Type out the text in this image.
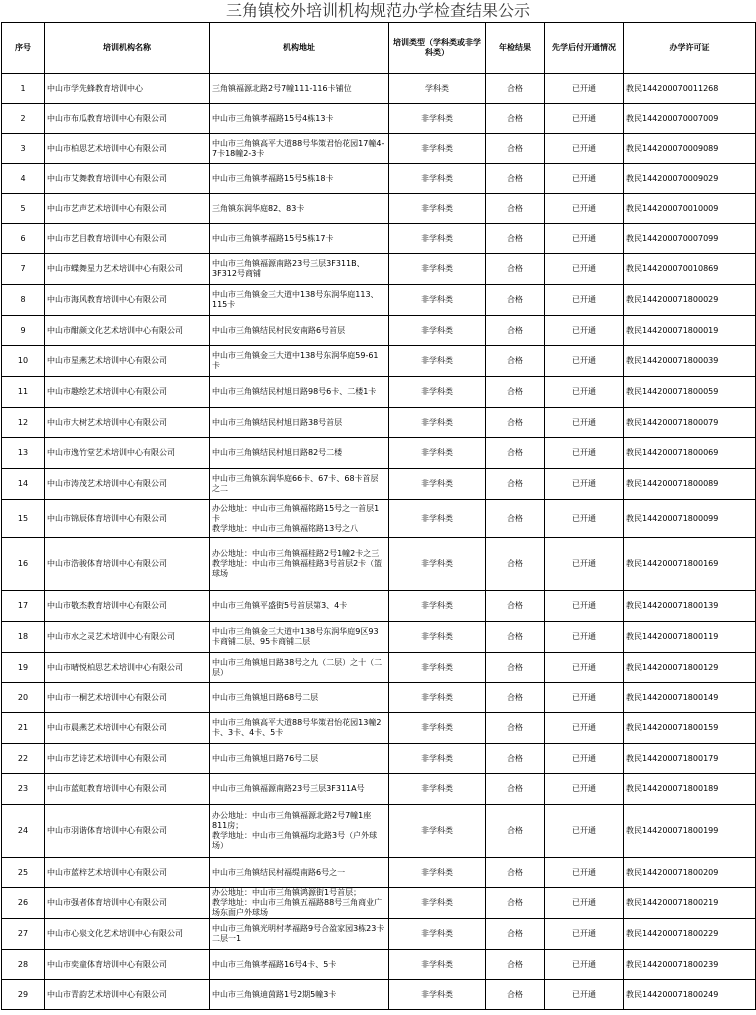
三角镇校外培训机构规范办学检查结果公示
序号	培训机构名称	机构地址	培训类型（学科类或非学科类）	年检结果	先学后付开通情况	办学许可证
1	中山市学先蜂教育培训中心	三角镇福源北路2号7幢111-116卡铺位	学科类	合格	已开通	教民144200070011268
2	中山市布瓜教育培训中心有限公司	中山市三角镇孝福路15号4栋13卡	非学科类	合格	已开通	教民144200070007009
3	中山市柏思艺术培训中心有限公司	中山市三角镇高平大道88号华策君怡花园17幢4-7卡18幢2-3卡	非学科类	合格	已开通	教民144200070009089
4	中山市艾舞教育培训中心有限公司	中山市三角镇孝福路15号5栋18卡	非学科类	合格	已开通	教民144200070009029
5	中山市艺声艺术培训中心有限公司	三角镇东润华庭82、83卡	非学科类	合格	已开通	教民144200070010009
6	中山市艺目教育培训中心有限公司	中山市三角镇孝福路15号5栋17卡	非学科类	合格	已开通	教民144200070007099
7	中山市蝶舞星力艺术培训中心有限公司	中山市三角镇福源南路23号三层3F311B、3F312号商铺	非学科类	合格	已开通	教民144200070010869
8	中山市海风教育培训中心有限公司	中山市三角镇金三大道中138号东润华庭113、115卡	非学科类	合格	已开通	教民144200071800029
9	中山市酣颜文化艺术培训中心有限公司	中山市三角镇结民村民安南路6号首层	非学科类	合格	已开通	教民144200071800019
10	中山市星燕艺术培训中心有限公司	中山市三角镇金三大道中138号东润华庭59-61卡	非学科类	合格	已开通	教民144200071800039
11	中山市趣绘艺术培训中心有限公司	中山市三角镇结民村旭日路98号6卡、二楼1卡	非学科类	合格	已开通	教民144200071800059
12	中山市大树艺术培训中心有限公司	中山市三角镇结民村旭日路38号首层	非学科类	合格	已开通	教民144200071800079
13	中山市逸竹堂艺术培训中心有限公司	中山市三角镇结民村旭日路82号二楼	非学科类	合格	已开通	教民144200071800069
14	中山市涛茂艺术培训中心有限公司	中山市三角镇东润华庭66卡、67卡、68卡首层之二	非学科类	合格	已开通	教民144200071800089
15	中山市锦辰体育培训中心有限公司	办公地址：中山市三角镇福铭路15号之一首层1卡
教学地址：中山市三角镇福铭路13号之八	非学科类	合格	已开通	教民144200071800099
16	中山市浩骏体育培训中心有限公司	办公地址：中山市三角镇福桂路2号1幢2卡之三
教学地址：中山市三角镇福桂路3号首层2卡（篮球场	非学科类	合格	已开通	教民144200071800169
17	中山市敬杰教育培训中心有限公司	中山市三角镇平盛街5号首层第3、4卡	非学科类	合格	已开通	教民144200071800139
18	中山市水之灵艺术培训中心有限公司	中山市三角镇金三大道中138号东润华庭9区93卡商铺二层、95卡商铺二层	非学科类	合格	已开通	教民144200071800119
19	中山市晴悦柏思艺术培训中心有限公司	中山市三角镇旭日路38号之九（二层）之十（二层）	非学科类	合格	已开通	教民144200071800129
20	中山市一桐艺术培训中心有限公司	中山市三角镇旭日路68号二层	非学科类	合格	已开通	教民144200071800149
21	中山市晨燕艺术培训中心有限公司	中山市三角镇高平大道88号华策君怡花园13幢2卡、3卡、4卡、5卡	非学科类	合格	已开通	教民144200071800159
22	中山市艺诗艺术培训中心有限公司	中山市三角镇旭日路76号二层	非学科类	合格	已开通	教民144200071800179
23	中山市蓝虹教育培训中心有限公司	中山市三角镇福源南路23号三层3F311A号	非学科类	合格	已开通	教民144200071800189
24	中山市羽谐体育培训中心有限公司	办公地址：中山市三角镇福源北路2号7幢1座811房；
教学地址：中山市三角镇福均北路3号（户外球场）	非学科类	合格	已开通	教民144200071800199
25	中山市蓝梓艺术培训中心有限公司	中山市三角镇结民村福缇南路6号之一	非学科类	合格	已开通	教民144200071800209
26	中山市强者体育培训中心有限公司	办公地址：中山市三角镇鸿源街1号首层；
教学地址：中山市三角镇五福路88号三角商业广场东面户外球场	非学科类	合格	已开通	教民144200071800219
27	中山市心泉文化艺术培训中心有限公司	中山市三角镇光明村孝福路9号合盈家园3栋23卡二层一1	非学科类	合格	已开通	教民144200071800229
28	中山市奕童体育培训中心有限公司	中山市三角镇孝福路16号4卡、5卡	非学科类	合格	已开通	教民144200071800239
29	中山市青韵艺术培训中心有限公司	中山市三角镇迪茵路1号2期5幢3卡	非学科类	合格	已开通	教民144200071800249
